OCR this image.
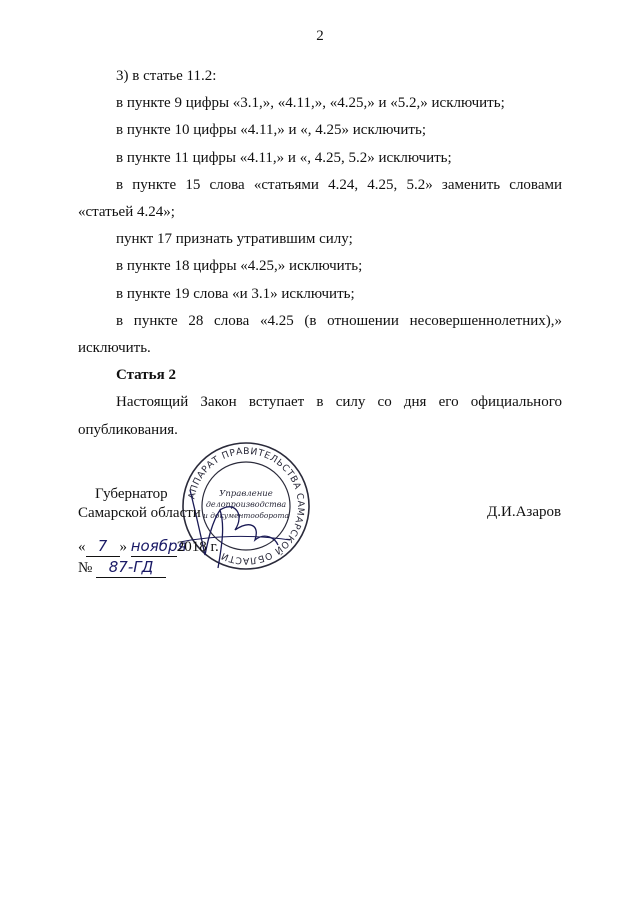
2

3) в статье 11.2:

в пункте 9 цифры «3.1,», «4.11,», «4.25,» и «5.2,» исключить;

в пункте 10 цифры «4.11,» и «, 4.25» исключить;

в пункте 11 цифры «4.11,» и «, 4.25, 5.2» исключить;

в пункте 15 слова «статьями 4.24, 4.25, 5.2» заменить словами «статьей 4.24»;

пункт 17 признать утратившим силу;

в пункте 18 цифры «4.25,» исключить;

в пункте 19 слова «и 3.1» исключить;

в пункте 28 слова «4.25 (в отношении несовершеннолетних),» исключить.

Статья 2

Настоящий Закон вступает в силу со дня его официального опубликования.

АППАРАТ ПРАВИТЕЛЬСТВА САМАРСКОЙ ОБЛАСТИ
Управление
делопроизводства
и документооборота
Губернатор
Самарской области	Д.И.Азаров
« 7 » ноября2018 г.
№ 87-ГД
